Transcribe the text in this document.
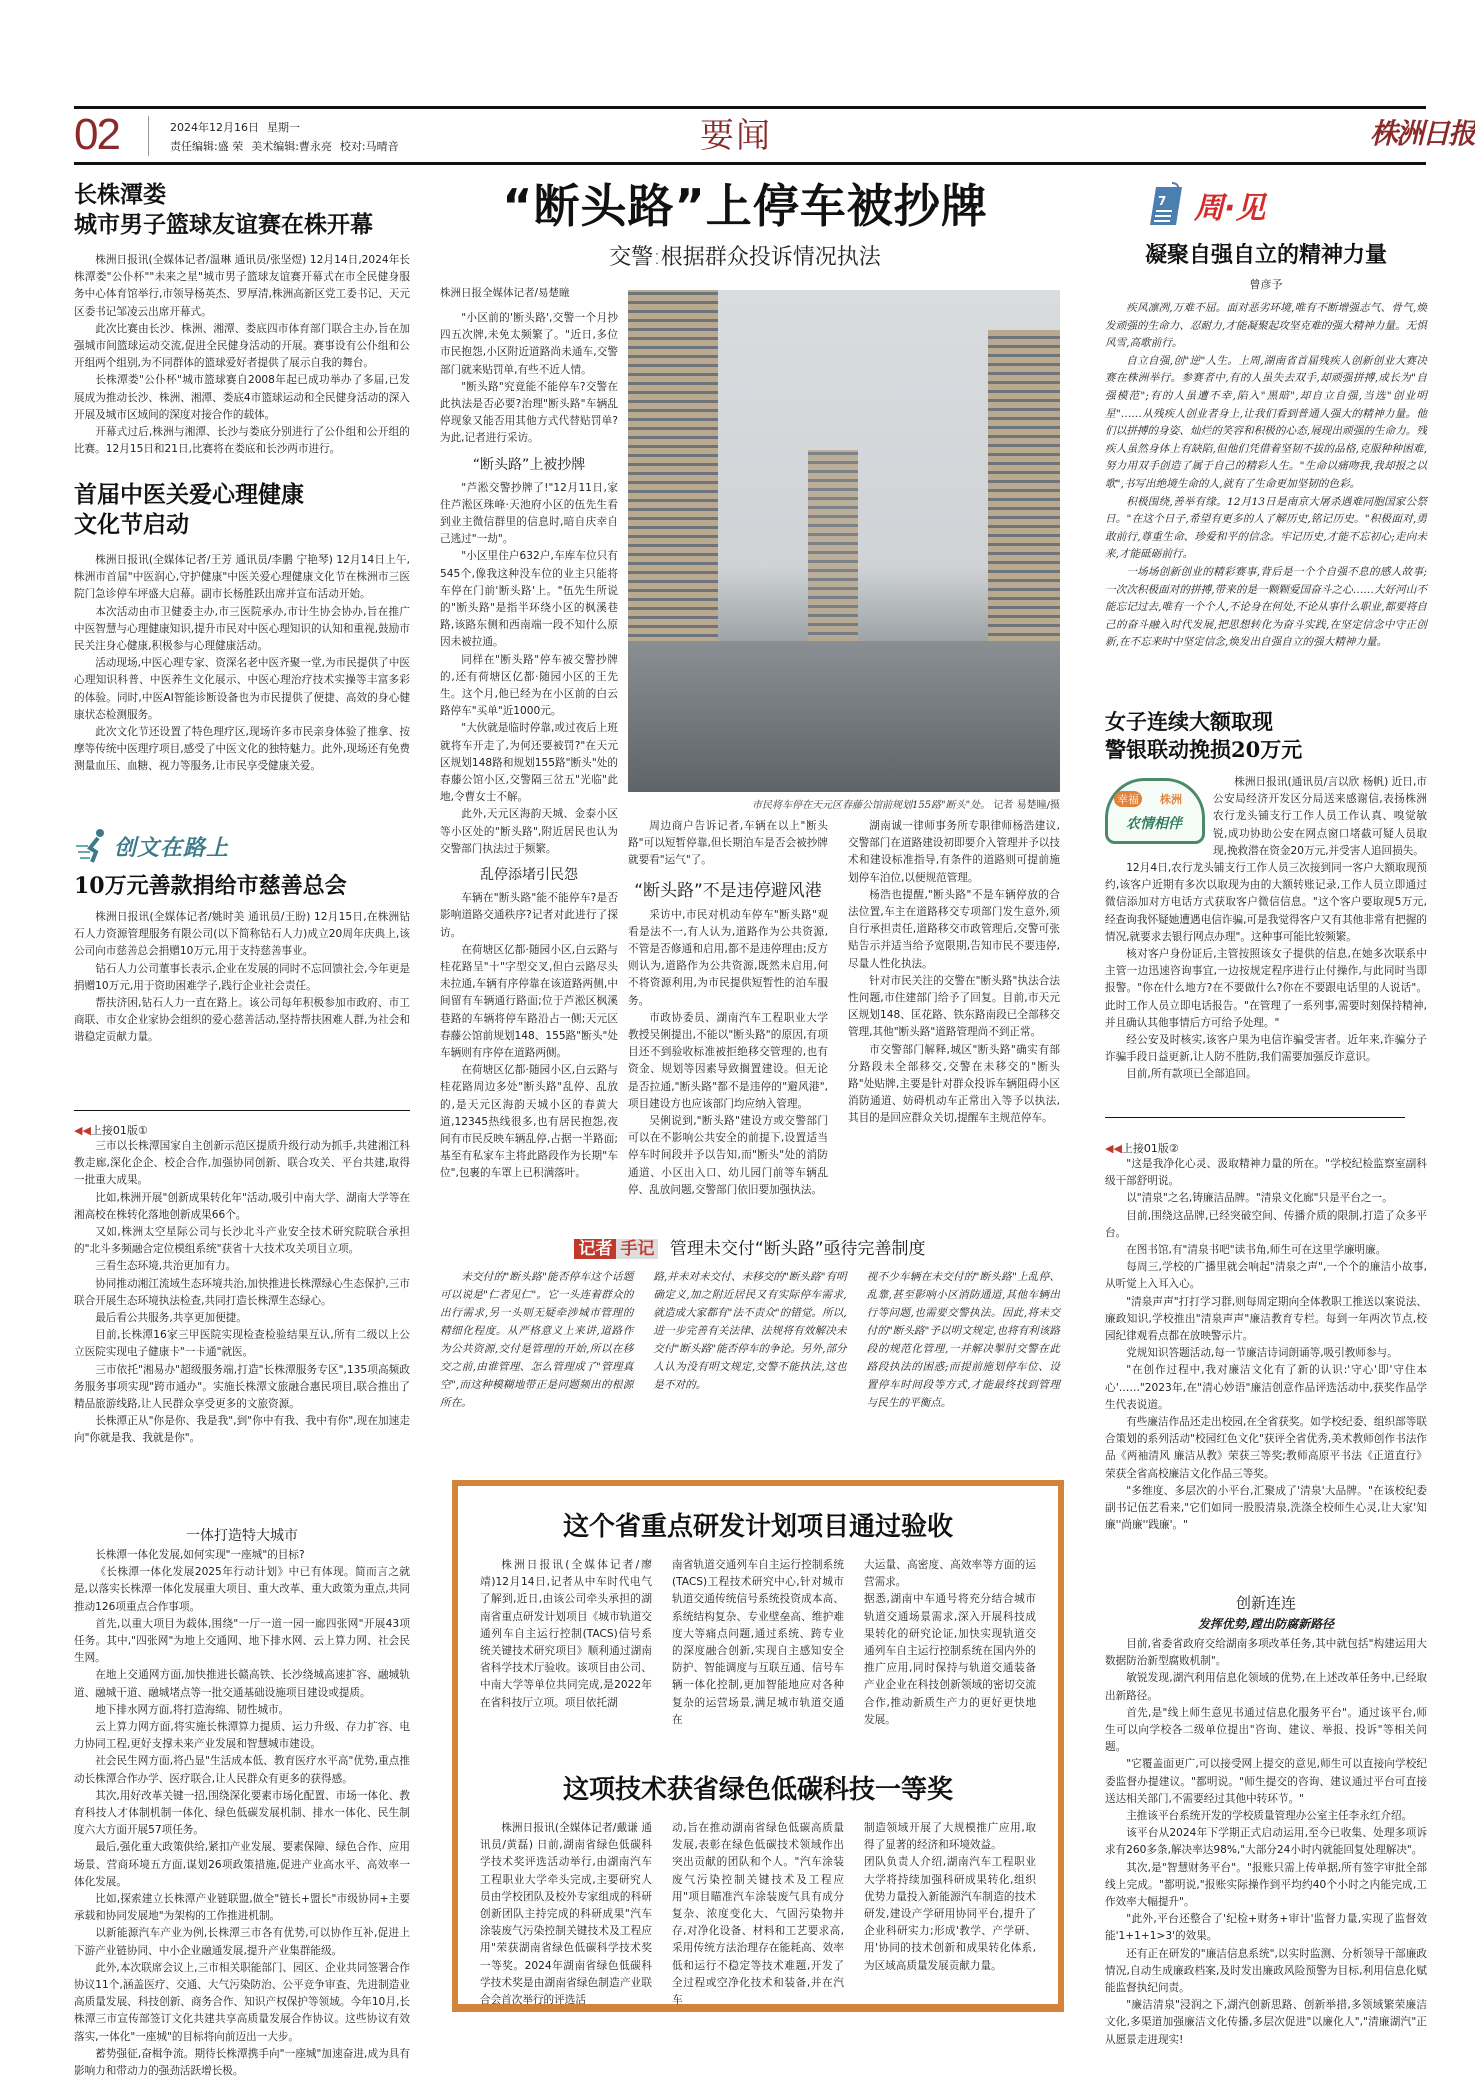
02	2024年12月16日 星期一
责任编辑:盛 荣 美术编辑:曹永亮 校对:马晴音	要闻	株洲日报
长株潭娄
城市男子篮球友谊赛在株开幕

株洲日报讯(全媒体记者/温琳 通讯员/张坚煜) 12月14日,2024年长株潭娄"公仆杯""未来之星"城市男子篮球友谊赛开幕式在市全民健身服务中心体育馆举行,市领导杨英杰、罗厚清,株洲高新区党工委书记、天元区委书记邹凌云出席开幕式。

此次比赛由长沙、株洲、湘潭、娄底四市体育部门联合主办,旨在加强城市间篮球运动交流,促进全民健身活动的开展。赛事设有公仆组和公开组两个组别,为不同群体的篮球爱好者提供了展示自我的舞台。

长株潭娄"公仆杯"城市篮球赛自2008年起已成功举办了多届,已发展成为推动长沙、株洲、湘潭、娄底4市篮球运动和全民健身活动的深入开展及城市区域间的深度对接合作的载体。

开幕式过后,株洲与湘潭、长沙与娄底分别进行了公仆组和公开组的比赛。12月15日和21日,比赛将在娄底和长沙两市进行。

首届中医关爱心理健康
文化节启动

株洲日报讯(全媒体记者/王芳 通讯员/李鹏 宁艳琴) 12月14日上午,株洲市首届"中医润心,守护健康"中医关爱心理健康文化节在株洲市三医院门急诊停车坪盛大启幕。副市长杨胜跃出席并宣布活动开始。

本次活动由市卫健委主办,市三医院承办,市计生协会协办,旨在推广中医智慧与心理健康知识,提升市民对中医心理知识的认知和重视,鼓励市民关注身心健康,积极参与心理健康活动。

活动现场,中医心理专家、资深名老中医齐聚一堂,为市民提供了中医心理知识科普、中医养生文化展示、中医心理治疗技术实操等丰富多彩的体验。同时,中医AI智能诊断设备也为市民提供了便捷、高效的身心健康状态检测服务。

此次文化节还设置了特色理疗区,现场许多市民亲身体验了推拿、按摩等传统中医理疗项目,感受了中医文化的独特魅力。此外,现场还有免费测量血压、血糖、视力等服务,让市民享受健康关爱。

创文在路上
10万元善款捐给市慈善总会

株洲日报讯(全媒体记者/姚时美 通讯员/王盼) 12月15日,在株洲钻石人力资源管理服务有限公司(以下简称钻石人力)成立20周年庆典上,该公司向市慈善总会捐赠10万元,用于支持慈善事业。

钻石人力公司董事长表示,企业在发展的同时不忘回馈社会,今年更是捐赠10万元,用于资助困难学子,践行企业社会责任。

帮扶济困,钻石人力一直在路上。该公司每年积极参加市政府、市工商联、市女企业家协会组织的爱心慈善活动,坚持帮扶困难人群,为社会和谐稳定贡献力量。

◀◀上接01版①

三市以长株潭国家自主创新示范区提质升级行动为抓手,共建湘江科教走廊,深化企企、校企合作,加强协同创新、联合攻关、平台共建,取得一批重大成果。

比如,株洲开展"创新成果转化年"活动,吸引中南大学、湖南大学等在湘高校在株转化落地创新成果66个。

又如,株洲太空星际公司与长沙北斗产业安全技术研究院联合承担的"北斗多频融合定位模组系统"获省十大技术攻关项目立项。

三看生态环境,共治更加有力。

协同推动湘江流域生态环境共治,加快推进长株潭绿心生态保护,三市联合开展生态环境执法检查,共同打造长株潭生态绿心。

最后看公共服务,共享更加便捷。

目前,长株潭16家三甲医院实现检查检验结果互认,所有二级以上公立医院实现电子健康卡"一卡通"就医。

三市依托"湘易办"超级服务端,打造"长株潭服务专区",135项高频政务服务事项实现"跨市通办"。实施长株潭文旅融合惠民项目,联合推出了精品旅游线路,让人民群众享受更多的文旅资源。

长株潭正从"你是你、我是我",到"你中有我、我中有你",现在加速走向"你就是我、我就是你"。

一体打造特大城市

长株潭一体化发展,如何实现"一座城"的目标?

《长株潭一体化发展2025年行动计划》中已有体现。简而言之就是,以落实长株潭一体化发展重大项目、重大改革、重大政策为重点,共同推动126项重点合作事项。

首先,以重大项目为载体,围绕"一厅一道一园一廊四张网"开展43项任务。其中,"四张网"为地上交通网、地下排水网、云上算力网、社会民生网。

在地上交通网方面,加快推进长赣高铁、长沙绕城高速扩容、融城轨道、融城干道、融城堵点等一批交通基础设施项目建设或提质。

地下排水网方面,将打造海绵、韧性城市。

云上算力网方面,将实施长株潭算力提质、运力升级、存力扩容、电力协同工程,更好支撑未来产业发展和智慧城市建设。

社会民生网方面,将凸显"生活成本低、教育医疗水平高"优势,重点推动长株潭合作办学、医疗联合,让人民群众有更多的获得感。

其次,用好改革关键一招,围绕深化要素市场化配置、市场一体化、教育科技人才体制机制一体化、绿色低碳发展机制、排水一体化、民生制度六大方面开展57项任务。

最后,强化重大政策供给,紧扣产业发展、要素保障、绿色合作、应用场景、营商环境五方面,谋划26项政策措施,促进产业高水平、高效率一体化发展。

比如,探索建立长株潭产业链联盟,做全"链长+盟长"市级协同+主要承载和协同发展地"为架构的工作推进机制。

以新能源汽车产业为例,长株潭三市各有优势,可以协作互补,促进上下游产业链协同、中小企业融通发展,提升产业集群能级。

此外,本次联席会议上,三市相关职能部门、园区、企业共同签署合作协议11个,涵盖医疗、交通、大气污染防治、公平竞争审查、先进制造业高质量发展、科技创新、商务合作、知识产权保护等领域。今年10月,长株潭三市宣传部签订文化共建共享高质量发展合作协议。这些协议有效落实,一体化"一座城"的目标将向前迈出一大步。

蓄势强征,奋楫争流。期待长株潭携手向"一座城"加速奋进,成为具有影响力和带动力的强劲活跃增长极。

“断头路”上停车被抄牌
交警:根据群众投诉情况执法
株洲日报全媒体记者/易楚瞳

"小区前的'断头路',交警一个月抄四五次牌,未免太频繁了。"近日,多位市民抱怨,小区附近道路尚未通车,交警部门就来贴罚单,有些不近人情。

"断头路"究竟能不能停车?交警在此执法是否必要?治理"断头路"车辆乱停现象又能否用其他方式代替贴罚单?为此,记者进行采访。

“断头路”上被抄牌

"芦淞交警抄牌了!"12月11日,家住芦淞区珠峰·天池府小区的伍先生看到业主微信群里的信息时,暗自庆幸自己逃过"一劫"。

"小区里住户632户,车库车位只有545个,像我这种没车位的业主只能将车停在门前'断头路'上。"伍先生所说的"断头路"是指半环绕小区的枫溪巷路,该路东侧和西南端一段不知什么原因未被拉通。

同样在"断头路"停车被交警抄牌的,还有荷塘区亿都·随园小区的王先生。这个月,他已经为在小区前的白云路停车"买单"近1000元。

"大伙就是临时停靠,或过夜后上班就将车开走了,为何还要被罚?"在天元区规划148路和规划155路"断头"处的春藤公馆小区,交警隔三岔五"光临"此地,令曹女士不解。

此外,天元区海韵天城、金泰小区等小区处的"断头路",附近居民也认为交警部门执法过于频繁。

乱停添堵引民怨

车辆在"断头路"能不能停车?是否影响道路交通秩序?记者对此进行了探访。

在荷塘区亿都·随园小区,白云路与桂花路呈"十"字型交叉,但白云路尽头未拉通,车辆有序停靠在该道路两侧,中间留有车辆通行路面;位于芦淞区枫溪巷路的车辆将停车路沿占一侧;天元区春藤公馆前规划148、155路"断头"处车辆则有序停在道路两侧。

在荷塘区亿都·随园小区,白云路与桂花路周边多处"断头路"乱停、乱放的,是天元区海韵天城小区的春黄大道,12345热线很多,也有居民抱怨,夜间有市民反映车辆乱停,占据一半路面;基至有私家车主将此路段作为长期"车位",包裹的车罩上已积满落叶。

市民将车停在天元区春藤公馆前规划155路"断头"处。 记者 易楚瞳/摄

周边商户告诉记者,车辆在以上"断头路"可以短暂停靠,但长期泊车是否会被抄牌就要看"运气"了。

“断头路”不是违停避风港

采访中,市民对机动车停车"断头路"观看是法不一,有人认为,道路作为公共资源,不管是否修通和启用,都不是违停理由;反方则认为,道路作为公共资源,既然未启用,何不将资源利用,为市民提供短暂性的泊车服务。

市政协委员、湖南汽车工程职业大学教授吴俐提出,不能以"断头路"的原因,有项目还不到验收标准被拒绝移交管理的,也有资金、规划等因素导致搁置建设。但无论是否拉通,"断头路"都不是违停的"避风港",项目建设方也应该部门均应纳入管理。

吴俐说到,"断头路"建设方或交警部门可以在不影响公共安全的前提下,设置适当停车时间段并予以告知,而"断头"处的消防通道、小区出入口、幼儿园门前等车辆乱停、乱放问题,交警部门依旧要加强执法。

湖南诚一律师事务所专职律师杨浩建议,交警部门在道路建设初即要介入管理并予以技术和建设标准指导,有条件的道路则可提前施划停车泊位,以便规范管理。

杨浩也提醒,"断头路"不是车辆停放的合法位置,车主在道路移交专项部门发生意外,须自行承担责任,道路移交市政管理后,交警可张贴告示并适当给予宽限期,告知市民不要违停,尽量人性化执法。

针对市民关注的交警在"断头路"执法合法性问题,市住建部门给予了回复。目前,市天元区规划148、匡花路、铁东路南段已全部移交管理,其他"断头路"道路管理尚不到正常。

市交警部门解释,城区"断头路"确实有部分路段未全部移交,交警在未移交的"断头路"处贴牌,主要是针对群众投诉车辆阻碍小区消防通道、妨碍机动车正常出入等予以执法,其目的是回应群众关切,提醒车主规范停车。

记者 手记 管理未交付“断头路”亟待完善制度

未交付的"断头路"能否停车这个话题可以说是"仁者见仁"。它一头连着群众的出行需求,另一头则无疑牵涉城市管理的精细化程度。从严格意义上来讲,道路作为公共资源,交付是管理的开始,所以在移交之前,由谁管理、怎么管理成了"管理真空",而这种模糊地带正是问题频出的根源所在。

路,并未对未交付、未移交的"断头路"有明确定义,加之附近居民又有实际停车需求,就造成大家都有"法不责众"的错觉。所以,进一步完善有关法律、法规将有效解决未交付"断头路"能否停车的争论。另外,部分人认为没有明文规定,交警不能执法,这也是不对的。

视不少车辆在未交付的"断头路"上乱停、乱靠,甚至影响小区消防通道,其他车辆出行等问题,也需要交警执法。因此,将未交付的"断头路"予以明文规定,也将有利该路段的规范化管理,一并解决掣肘交警在此路段执法的困惑;而提前施划停车位、设置停车时间段等方式,才能最终找到管理与民生的平衡点。

这个省重点研发计划项目通过验收

株洲日报讯(全媒体记者/廖靖)12月14日,记者从中车时代电气了解到,近日,由该公司牵头承担的湖南省重点研发计划项目《城市轨道交通列车自主运行控制(TACS)信号系统关键技术研究项目》顺利通过湖南省科学技术厅验收。该项目由公司、中南大学等单位共同完成,是2022年在省科技厅立项。项目依托湖

南省轨道交通列车自主运行控制系统(TACS)工程技术研究中心,针对城市轨道交通传统信号系统投资成本高、系统结构复杂、专业壁垒高、维护难度大等痛点问题,通过系统、跨专业的深度融合创新,实现自主感知安全防护、智能调度与互联互通、信号车辆一体化控制,更加智能地应对各种复杂的运营场景,满足城市轨道交通在

大运量、高密度、高效率等方面的运营需求。
据悉,湖南中车通号将充分结合城市轨道交通场景需求,深入开展科技成果转化的研究论证,加快实现轨道交通列车自主运行控制系统在国内外的推广应用,同时保持与轨道交通装备产业企业在科技创新领域的密切交流合作,推动新质生产力的更好更快地发展。

这项技术获省绿色低碳科技一等奖

株洲日报讯(全媒体记者/戴谦 通讯员/黄磊) 日前,湖南省绿色低碳科学技术奖评选活动举行,由湖南汽车工程职业大学牵头完成,主要研究人员由学校团队及校外专家组成的科研创新团队主持完成的科研成果"汽车涂装废气污染控制关键技术及工程应用"荣获湖南省绿色低碳科学技术奖一等奖。2024年湖南省绿色低碳科学技术奖是由湖南省绿色制造产业联合会首次举行的评选活

动,旨在推动湖南省绿色低碳高质量发展,表彰在绿色低碳技术领域作出突出贡献的团队和个人。"汽车涂装废气污染控制关键技术及工程应用"项目瞄准汽车涂装废气具有成分复杂、浓度变化大、气固污染物并存,对净化设备、材料和工艺要求高,采用传统方法治理存在能耗高、效率低和运行不稳定等技术难题,开发了全过程或空净化技术和装备,并在汽车

制造领域开展了大规模推广应用,取得了显著的经济和环境效益。
团队负责人介绍,湖南汽车工程职业大学将持续加强科研成果转化,组织优势力量投入新能源汽车制造的技术研发,建设产学研用协同平台,提升了企业科研实力;形成'教学、产学研、用'协同的技术创新和成果转化体系,为区域高质量发展贡献力量。

7 周·见
凝聚自强自立的精神力量
曾彦予

疾风凛冽,万难不屈。面对恶劣环境,唯有不断增强志气、骨气,焕发顽强的生命力、忍耐力,才能凝聚起攻坚克难的强大精神力量。无惧风雪,高歌前行。

自立自强,创"逆"人生。上周,湖南省首届残疾人创新创业大赛决赛在株洲举行。参赛者中,有的人虽失去双手,却顽强拼搏,成长为"自强模范";有的人虽遭不幸,陷入"黑暗",却自立自强,当选"创业明星"……从残疾人创业者身上,让我们看到普通人强大的精神力量。他们以拼搏的身姿、灿烂的笑容和积极的心态,展现出顽强的生命力。残疾人虽然身体上有缺陷,但他们凭借着坚韧不拔的品格,克服种种困难,努力用双手创造了属于自己的精彩人生。"生命以痛吻我,我却报之以歌",书写出绝境生命的人,就有了生命更加坚韧的色彩。

积极围绕,善举有缘。12月13日是南京大屠杀遇难同胞国家公祭日。"在这个日子,希望有更多的人了解历史,铭记历史。"积极面对,勇敢前行,尊重生命、珍爱和平的信念。牢记历史,才能不忘初心;走向未来,才能砥砺前行。

一场场创新创业的精彩赛事,背后是一个个自强不息的感人故事;一次次积极面对的拼搏,带来的是一颗颗爱国奋斗之心……大好河山不能忘记过去,唯有一个个人,不论身在何处,不论从事什么职业,都要将自己的奋斗融入时代发展,把思想转化为奋斗实践,在坚定信念中守正创新,在不忘来时中坚定信念,焕发出自强自立的强大精神力量。

女子连续大额取现
警银联动挽损20万元
幸福 株洲
农情相伴

株洲日报讯(通讯员/言以欣 杨帆) 近日,市公安局经济开发区分局送来感谢信,表扬株洲农行龙头铺支行工作人员工作认真、嗅觉敏锐,成功协助公安在网点窗口堵截可疑人员取现,挽救潜在资金20万元,并受害人追回损失。

12月4日,农行龙头铺支行工作人员三次接到同一客户大额取现预约,该客户近期有多次以取现为由的大额转账记录,工作人员立即通过微信添加对方电话方式获取客户微信信息。"这个客户要取现5万元,经查询我怀疑她遭遇电信诈骗,可是我觉得客户又有其他非常有把握的情况,就要求去银行网点办理"。这种事可能比较频繁。

核对客户身份证后,主管按照该女子提供的信息,在她多次联系中主管一边迅速咨询事宜,一边按规定程序进行止付操作,与此同时当即报警。"你在什么地方?在不要做什么?你在不要跟电话里的人说话"。此时工作人员立即电话报告。"在管理了一系列事,需要时刻保持精神,并且确认其他事情后方可给予处理。"

经公安及时核实,该客户果为电信诈骗受害者。近年来,诈骗分子诈骗手段日益更新,让人防不胜防,我们需要加强反诈意识。

目前,所有款项已全部追回。

◀◀上接01版②

"这是我净化心灵、汲取精神力量的所在。"学校纪检监察室副科级干部舒明说。

以"清泉"之名,铸廉洁品牌。"清泉文化廊"只是平台之一。

目前,围绕这品牌,已经突破空间、传播介质的限制,打造了众多平台。

在图书馆,有"清泉书吧"读书角,师生可在这里学廉明廉。

每周三,学校的广播里就会响起"清泉之声",一个个的廉洁小故事,从听觉上入耳入心。

"清泉声声"打打学习群,则每周定期向全体教职工推送以案说法、廉政知识,学校推出"清泉声声"廉洁教育专栏。每到一年两次节点,校园纪律观看点都在放映警示片。

党规知识答题活动,每一节廉洁诗词朗诵等,吸引教师参与。

"在创作过程中,我对廉洁文化有了新的认识:'守心'即'守住本心'……"2023年,在"清心妙语"廉洁创意作品评选活动中,获奖作品学生代表说道。

有些廉洁作品还走出校园,在全省获奖。如学校纪委、组织部等联合策划的系列活动"校园红色文化"获评全省优秀,美术教师创作书法作品《两袖清风 廉洁从教》荣获三等奖;教师高原平书法《正道直行》荣获全省高校廉洁文化作品三等奖。

"多维度、多层次的小平台,汇聚成了'清泉'大品牌。"在该校纪委副书记伍艺看来,"它们如同一股股清泉,洗涤全校师生心灵,让大家'知廉''尚廉''践廉'。"

创新连连
发挥优势,蹚出防腐新路径

目前,省委省政府交给湖南多项改革任务,其中就包括"构建运用大数据防治新型腐败机制"。

敏锐发现,湖汽利用信息化领域的优势,在上述改革任务中,已经取出新路径。

首先,是"线上师生意见书通过信息化服务平台"。通过该平台,师生可以向学校各二级单位提出"咨询、建议、举报、投诉"等相关问题。

"它覆盖面更广,可以接受网上提交的意见,师生可以直接向学校纪委监督办提建议。"都明说。"师生提交的咨询、建议通过平台可直接送达相关部门,不需要经过其他中转环节。"

主推该平台系统开发的学校质量管理办公室主任李永红介绍。

该平台从2024年下学期正式启动运用,至今已收集、处理多项诉求有260多条,解决率达98%,"大部分24小时内就能回复处理解决"。

其次,是"智慧财务平台"。"报账只需上传单据,所有签字审批全部线上完成。"都明说,"报账实际操作到平均约40个小时之内能完成,工作效率大幅提升"。

"此外,平台还整合了'纪检+财务+审计'监督力量,实现了监督效能'1+1+1>3'的效果。

还有正在研发的"廉洁信息系统",以实时监测、分析领导干部廉政情况,自动生成廉政档案,及时发出廉政风险预警为目标,利用信息化赋能监督执纪问责。

"廉洁清泉"浸润之下,湖汽创新思路、创新举措,多领域繁荣廉洁文化,多渠道加强廉洁文化传播,多层次促进"以廉化人","清廉湖汽"正从愿景走进现实!
